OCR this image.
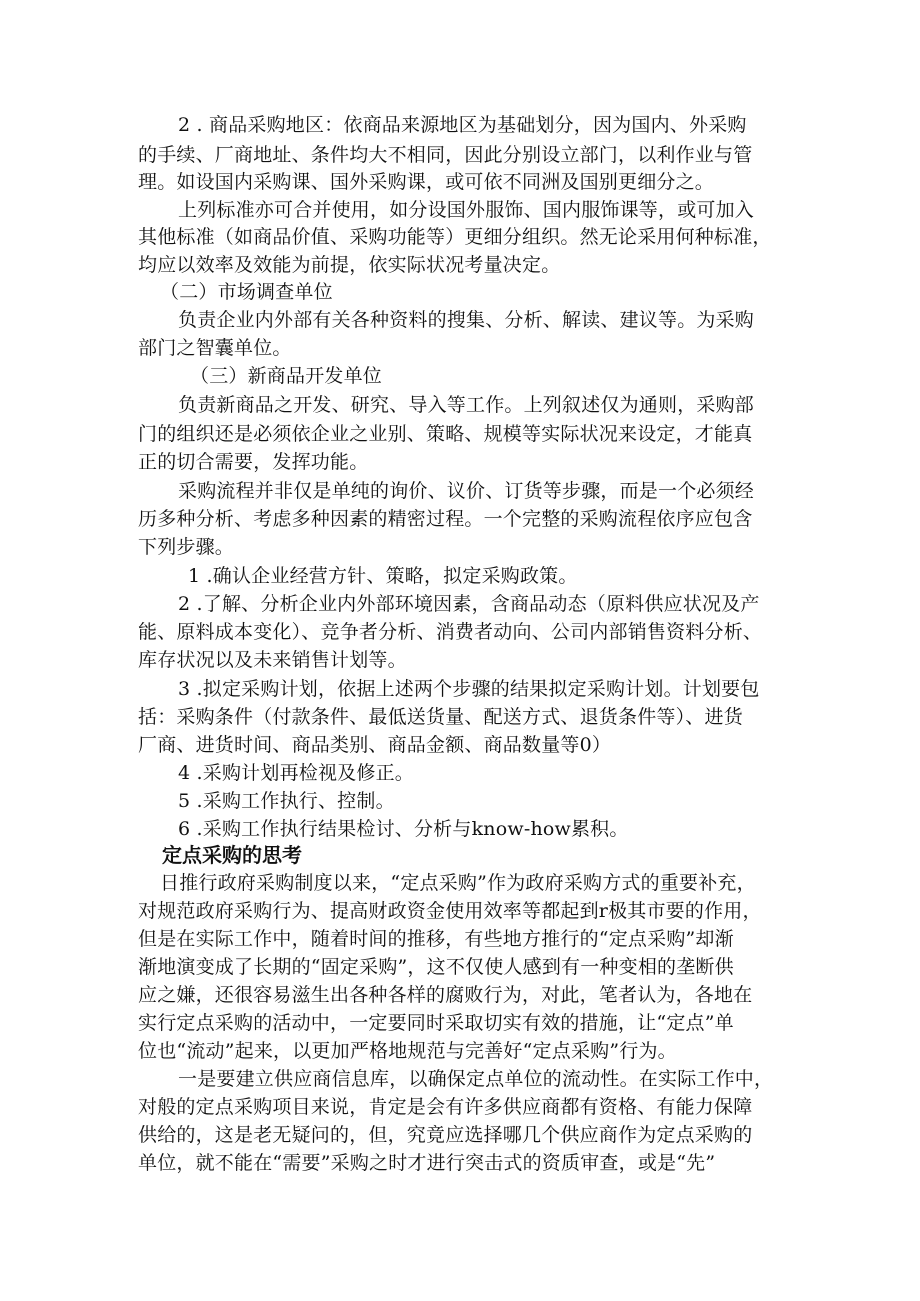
2 . 商品采购地区：依商品来源地区为基础划分，因为国内、外采购
的手续、厂商地址、条件均大不相同，因此分别设立部门，以利作业与管
理。如设国内采购课、国外采购课，或可依不同洲及国别更细分之。
上列标准亦可合并使用，如分设国外服饰、国内服饰课等，或可加入
其他标准（如商品价值、采购功能等）更细分组织。然无论采用何种标准，
均应以效率及效能为前提，依实际状况考量决定。
（二）市场调查单位
负责企业内外部有关各种资料的搜集、分析、解读、建议等。为采购
部门之智囊单位。
（三）新商品开发单位
负责新商品之开发、研究、导入等工作。上列叙述仅为通则，采购部
门的组织还是必须依企业之业别、策略、规模等实际状况来设定，才能真
正的切合需要，发挥功能。
采购流程并非仅是单纯的询价、议价、订货等步骤，而是一个必须经
历多种分析、考虑多种因素的精密过程。一个完整的采购流程依序应包含
下列步骤。
1 .确认企业经营方针、策略，拟定采购政策。
2 .了解、分析企业内外部环境因素，含商品动态（原料供应状况及产
能、原料成本变化）、竞争者分析、消费者动向、公司内部销售资料分析、
库存状况以及未来销售计划等。
3 .拟定采购计划，依据上述两个步骤的结果拟定采购计划。计划要包
括：采购条件（付款条件、最低送货量、配送方式、退货条件等）、进货
厂商、进货时间、商品类别、商品金额、商品数量等0）
4 .采购计划再检视及修正。
5 .采购工作执行、控制。
6 .采购工作执行结果检讨、分析与know-how累积。
定点采购的思考
日推行政府采购制度以来，“定点采购”作为政府采购方式的重要补充，
对规范政府采购行为、提高财政资金使用效率等都起到r极其市要的作用，
但是在实际工作中，随着时间的推移，有些地方推行的“定点采购”却渐
渐地演变成了长期的“固定采购”，这不仅使人感到有一种变相的垄断供
应之嫌，还很容易滋生出各种各样的腐败行为，对此，笔者认为，各地在
实行定点采购的活动中，一定要同时采取切实有效的措施，让“定点”单
位也“流动”起来，以更加严格地规范与完善好“定点采购”行为。
一是要建立供应商信息库，以确保定点单位的流动性。在实际工作中，
对般的定点采购项目来说，肯定是会有许多供应商都有资格、有能力保障
供给的，这是老无疑问的，但，究竟应选择哪几个供应商作为定点采购的
单位，就不能在“需要”采购之时才进行突击式的资质审查，或是“先”
